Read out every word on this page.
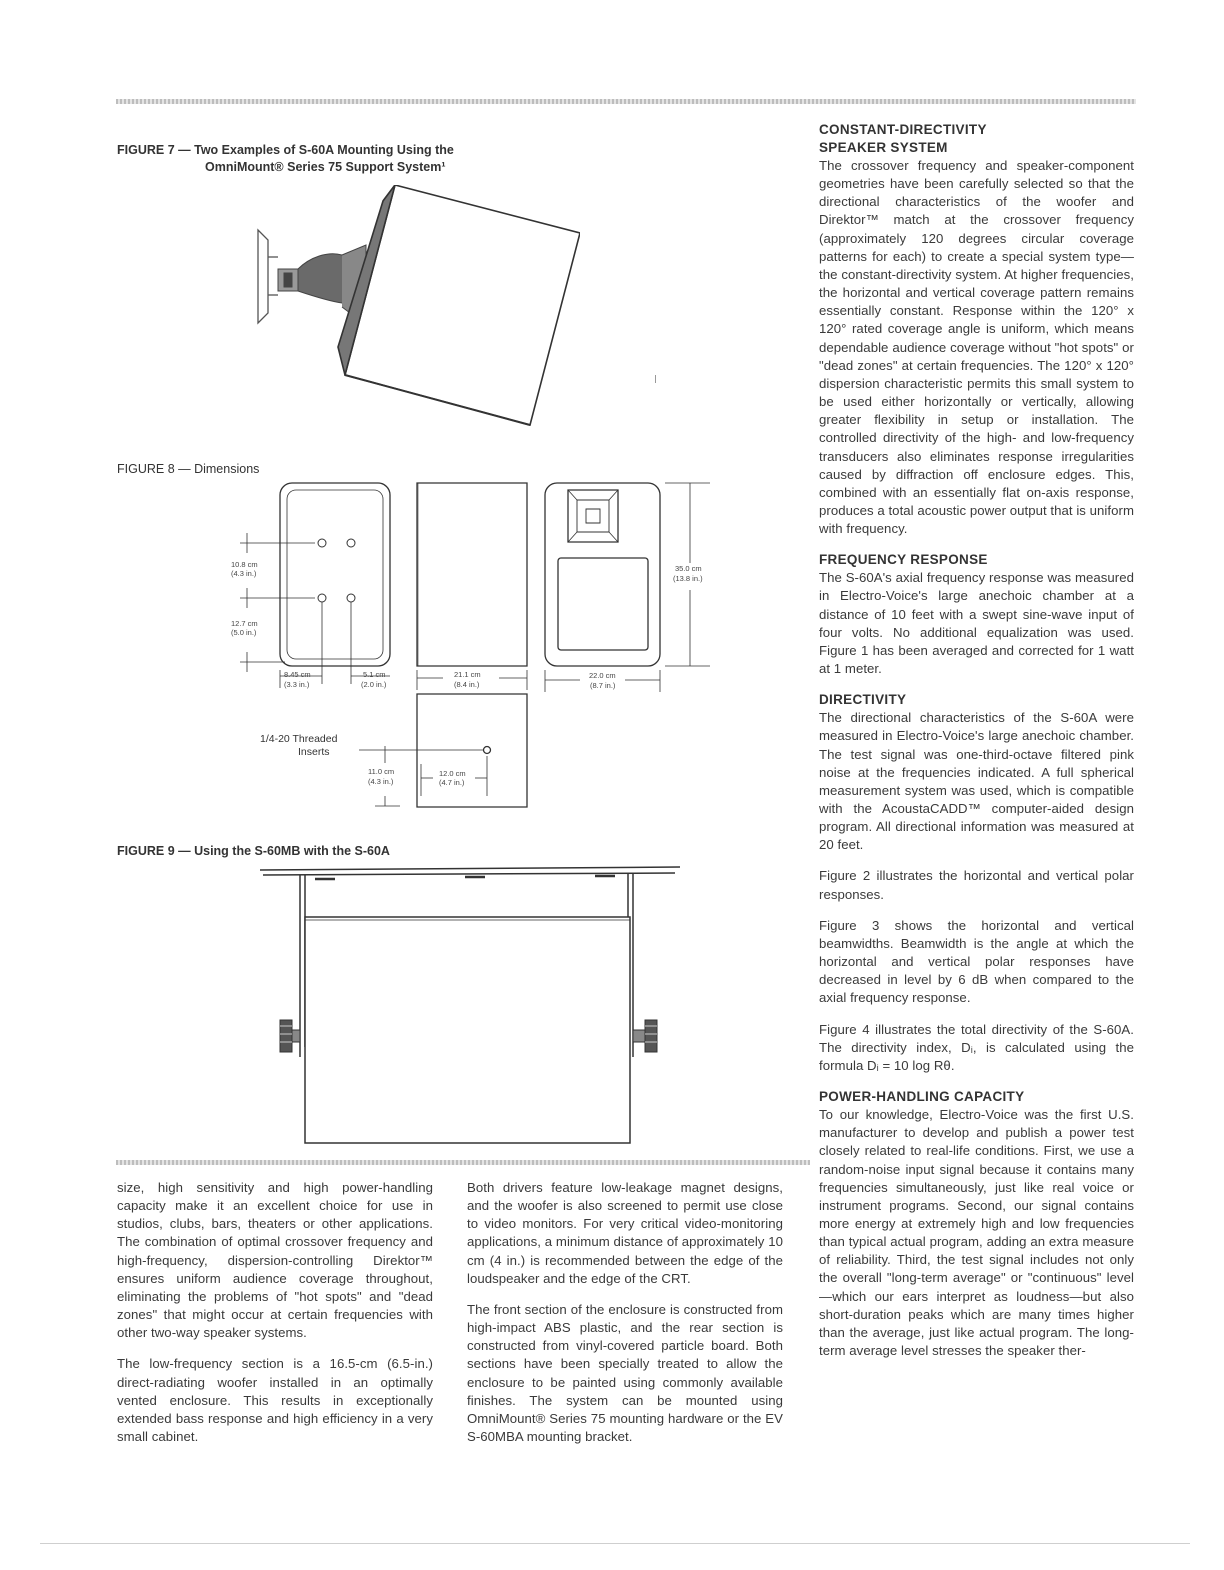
FIGURE 7 — Two Examples of S-60A Mounting Using the
OmniMount® Series 75 Support System¹
FIGURE 8 — Dimensions
10.8 cm
(4.3 in.)
12.7 cm
(5.0 in.)
8.45 cm
(3.3 in.)
5.1 cm
(2.0 in.)
21.1 cm
(8.4 in.)
35.0 cm
(13.8 in.)
22.0 cm
(8.7 in.)
11.0 cm
(4.3 in.)
12.0 cm
(4.7 in.)
1/4-20 Threaded
Inserts
FIGURE 9 — Using the S-60MB with the S-60A

size, high sensitivity and high power-handling capacity make it an excellent choice for use in studios, clubs, bars, theaters or other applications. The combination of optimal crossover frequency and high-frequency, dispersion-controlling Direktor™ ensures uniform audience coverage throughout, eliminating the problems of "hot spots" and "dead zones" that might occur at certain frequencies with other two-way speaker systems.

The low-frequency section is a 16.5-cm (6.5-in.) direct-radiating woofer installed in an optimally vented enclosure. This results in exceptionally extended bass response and high efficiency in a very small cabinet.

Both drivers feature low-leakage magnet designs, and the woofer is also screened to permit use close to video monitors. For very critical video-monitoring applications, a minimum distance of approximately 10 cm (4 in.) is recommended between the edge of the loudspeaker and the edge of the CRT.

The front section of the enclosure is constructed from high-impact ABS plastic, and the rear section is constructed from vinyl-covered particle board. Both sections have been specially treated to allow the enclosure to be painted using commonly available finishes. The system can be mounted using OmniMount® Series 75 mounting hardware or the EV S-60MBA mounting bracket.

CONSTANT-DIRECTIVITY
SPEAKER SYSTEM

The crossover frequency and speaker-component geometries have been carefully selected so that the directional characteristics of the woofer and Direktor™ match at the crossover frequency (approximately 120 degrees circular coverage patterns for each) to create a special system type—the constant-directivity system. At higher frequencies, the horizontal and vertical coverage pattern remains essentially constant. Response within the 120° x 120° rated coverage angle is uniform, which means dependable audience coverage without "hot spots" or "dead zones" at certain frequencies. The 120° x 120° dispersion characteristic permits this small system to be used either horizontally or vertically, allowing greater flexibility in setup or installation. The controlled directivity of the high- and low-frequency transducers also eliminates response irregularities caused by diffraction off enclosure edges. This, combined with an essentially flat on-axis response, produces a total acoustic power output that is uniform with frequency.

FREQUENCY RESPONSE

The S-60A's axial frequency response was measured in Electro-Voice's large anechoic chamber at a distance of 10 feet with a swept sine-wave input of four volts. No additional equalization was used. Figure 1 has been averaged and corrected for 1 watt at 1 meter.

DIRECTIVITY

The directional characteristics of the S-60A were measured in Electro-Voice's large anechoic chamber. The test signal was one-third-octave filtered pink noise at the frequencies indicated. A full spherical measurement system was used, which is compatible with the AcoustaCADD™ computer-aided design program. All directional information was measured at 20 feet.

Figure 2 illustrates the horizontal and vertical polar responses.

Figure 3 shows the horizontal and vertical beamwidths. Beamwidth is the angle at which the horizontal and vertical polar responses have decreased in level by 6 dB when compared to the axial frequency response.

Figure 4 illustrates the total directivity of the S-60A. The directivity index, Dᵢ, is calculated using the formula Dᵢ = 10 log Rθ.

POWER-HANDLING CAPACITY

To our knowledge, Electro-Voice was the first U.S. manufacturer to develop and publish a power test closely related to real-life conditions. First, we use a random-noise input signal because it contains many frequencies simultaneously, just like real voice or instrument programs. Second, our signal contains more energy at extremely high and low frequencies than typical actual program, adding an extra measure of reliability. Third, the test signal includes not only the overall "long-term average" or "continuous" level—which our ears interpret as loudness—but also short-duration peaks which are many times higher than the average, just like actual program. The long-term average level stresses the speaker ther-
